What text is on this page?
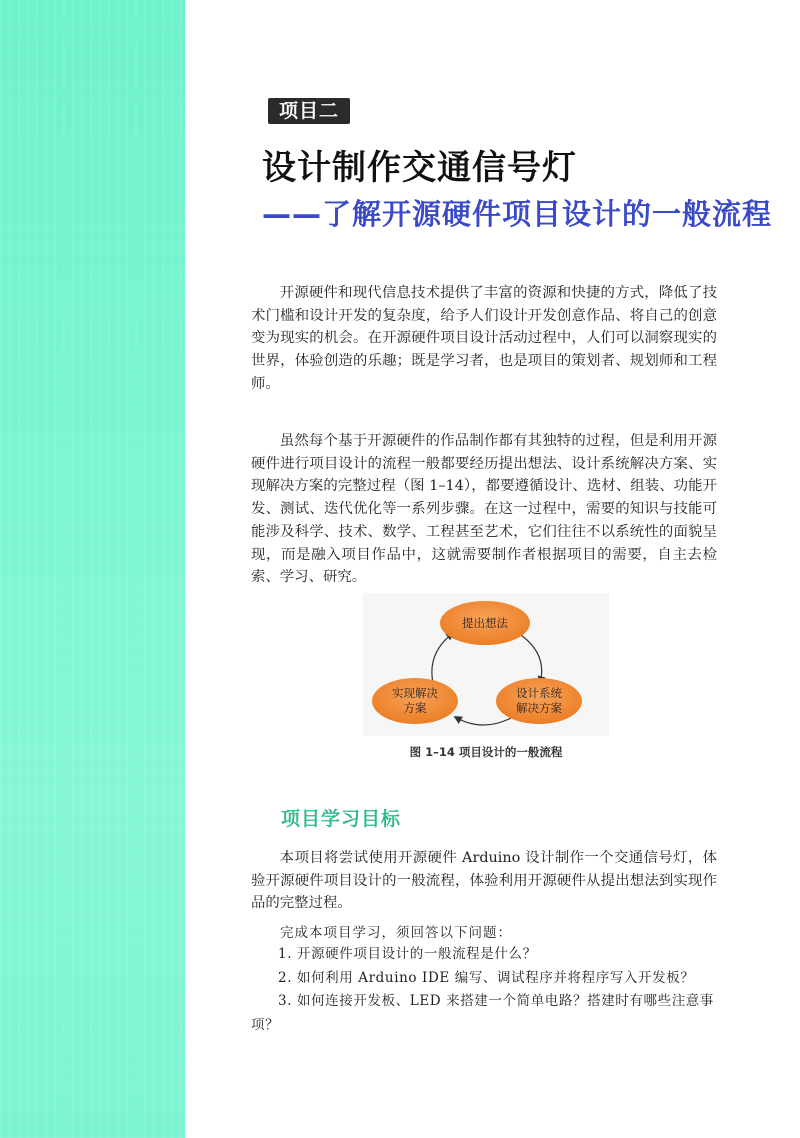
项目二
设计制作交通信号灯
——了解开源硬件项目设计的一般流程

开源硬件和现代信息技术提供了丰富的资源和快捷的方式，降低了技术门槛和设计开发的复杂度，给予人们设计开发创意作品、将自己的创意变为现实的机会。在开源硬件项目设计活动过程中，人们可以洞察现实的世界，体验创造的乐趣；既是学习者，也是项目的策划者、规划师和工程师。

虽然每个基于开源硬件的作品制作都有其独特的过程，但是利用开源硬件进行项目设计的流程一般都要经历提出想法、设计系统解决方案、实现解决方案的完整过程（图 1–14），都要遵循设计、选材、组装、功能开发、测试、迭代优化等一系列步骤。在这一过程中，需要的知识与技能可能涉及科学、技术、数学、工程甚至艺术，它们往往不以系统性的面貌呈现，而是融入项目作品中，这就需要制作者根据项目的需要，自主去检索、学习、研究。

提出想法
设计系统
解决方案
实现解决
方案

图 1–14 项目设计的一般流程

项目学习目标

本项目将尝试使用开源硬件 Arduino 设计制作一个交通信号灯，体验开源硬件项目设计的一般流程，体验利用开源硬件从提出想法到实现作品的完整过程。

完成本项目学习，须回答以下问题：

1. 开源硬件项目设计的一般流程是什么？
2. 如何利用 Arduino IDE 编写、调试程序并将程序写入开发板？
3. 如何连接开发板、LED 来搭建一个简单电路？搭建时有哪些注意事项？
